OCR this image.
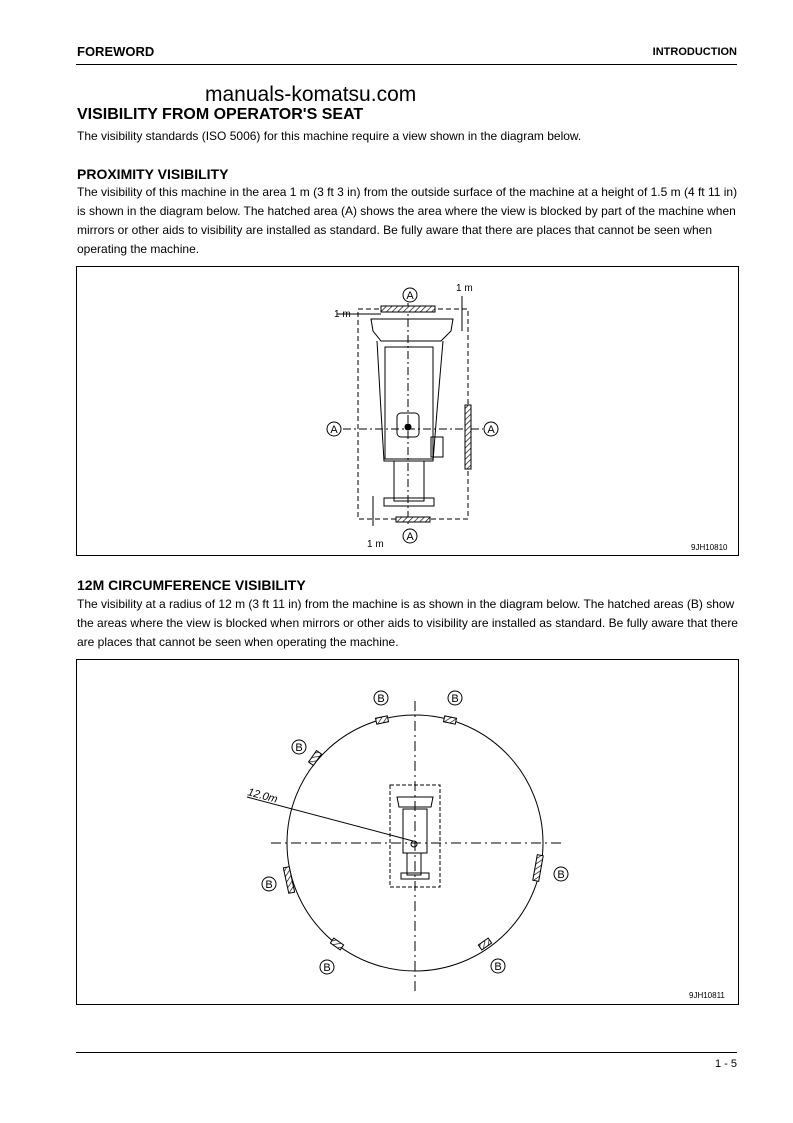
FOREWORD	INTRODUCTION
manuals-komatsu.com
VISIBILITY FROM OPERATOR'S SEAT
The visibility standards (ISO 5006) for this machine require a view shown in the diagram below.
PROXIMITY VISIBILITY
The visibility of this machine in the area 1 m (3 ft 3 in) from the outside surface of the machine at a height of 1.5 m (4 ft 11 in) is shown in the diagram below. The hatched area (A) shows the area where the view is blocked by part of the machine when mirrors or other aids to visibility are installed as standard. Be fully aware that there are places that cannot be seen when operating the machine.
A
A	A
A
1 m
1 m
1 m	9JH10810
12M CIRCUMFERENCE VISIBILITY
The visibility at a radius of 12 m (3 ft 11 in) from the machine is as shown in the diagram below. The hatched areas (B) show the areas where the view is blocked when mirrors or other aids to visibility are installed as standard. Be fully aware that there are places that cannot be seen when operating the machine.
B	B
B
B
B
B	B
12.0m
9JH10811
1 - 5
